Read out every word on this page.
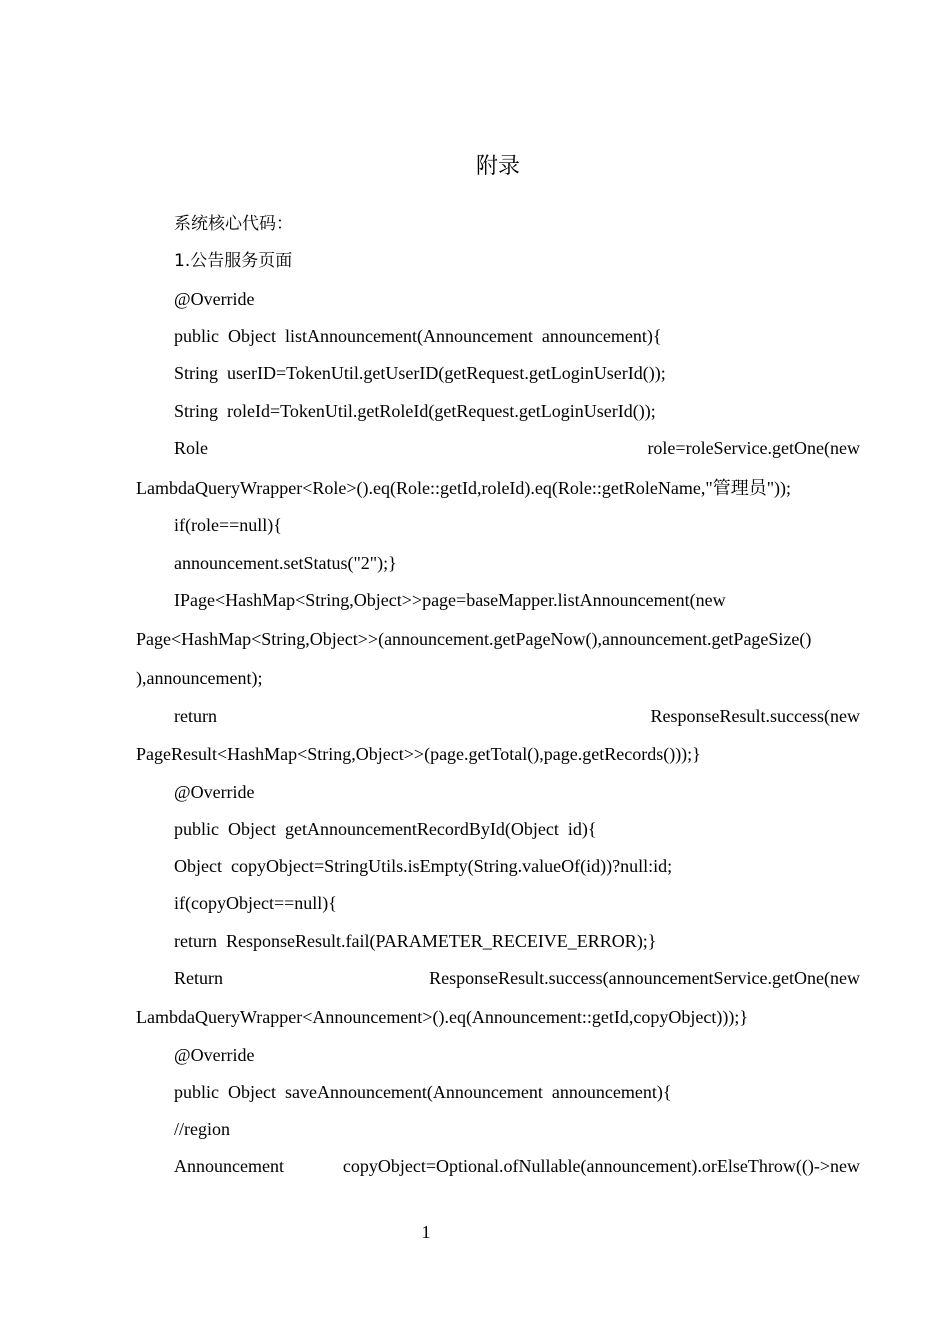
附录

系统核心代码：

1.公告服务页面

@Override

public  Object  listAnnouncement(Announcement  announcement){

String  userID=TokenUtil.getUserID(getRequest.getLoginUserId());

String  roleId=TokenUtil.getRoleId(getRequest.getLoginUserId());

Role	role=roleService.getOne(new

LambdaQueryWrapper<Role>().eq(Role::getId,roleId).eq(Role::getRoleName,"管理员"));

if(role==null){

announcement.setStatus("2");}

IPage<HashMap<String,Object>>page=baseMapper.listAnnouncement(new

Page<HashMap<String,Object>>(announcement.getPageNow(),announcement.getPageSize()

),announcement);

return	ResponseResult.success(new

PageResult<HashMap<String,Object>>(page.getTotal(),page.getRecords()));}

@Override

public  Object  getAnnouncementRecordById(Object  id){

Object  copyObject=StringUtils.isEmpty(String.valueOf(id))?null:id;

if(copyObject==null){

return  ResponseResult.fail(PARAMETER_RECEIVE_ERROR);}

Return	ResponseResult.success(announcementService.getOne(new

LambdaQueryWrapper<Announcement>().eq(Announcement::getId,copyObject)));}

@Override

public  Object  saveAnnouncement(Announcement  announcement){

//region

Announcement	copyObject=Optional.ofNullable(announcement).orElseThrow(()->new
1
